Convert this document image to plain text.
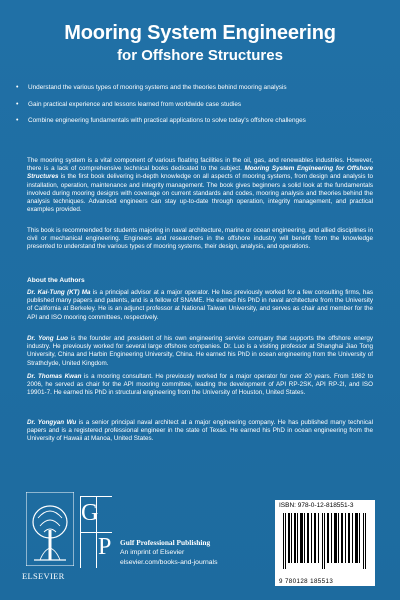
Mooring System Engineering
for Offshore Structures
• Understand the various types of mooring systems and the theories behind mooring analysis
• Gain practical experience and lessons learned from worldwide case studies
• Combine engineering fundamentals with practical applications to solve today's offshore challenges

The mooring system is a vital component of various floating facilities in the oil, gas, and renewables industries. However, there is a lack of comprehensive technical books dedicated to the subject. Mooring System Engineering for Offshore Structures is the first book delivering in-depth knowledge on all aspects of mooring systems, from design and analysis to installation, operation, maintenance and integrity management. The book gives beginners a solid look at the fundamentals involved during mooring designs with coverage on current standards and codes, mooring analysis and theories behind the analysis techniques. Advanced engineers can stay up-to-date through operation, integrity management, and practical examples provided.

This book is recommended for students majoring in naval architecture, marine or ocean engineering, and allied disciplines in civil or mechanical engineering. Engineers and researchers in the offshore industry will benefit from the knowledge presented to understand the various types of mooring systems, their design, analysis, and operations.

About the Authors

Dr. Kai-Tung (KT) Ma is a principal advisor at a major operator. He has previously worked for a few consulting firms, has published many papers and patents, and is a fellow of SNAME. He earned his PhD in naval architecture from the University of California at Berkeley. He is an adjunct professor at National Taiwan University, and serves as chair and member for the API and ISO mooring committees, respectively.

Dr. Yong Luo is the founder and president of his own engineering service company that supports the offshore energy industry. He previously worked for several large offshore companies. Dr. Luo is a visiting professor at Shanghai Jiao Tong University, China and Harbin Engineering University, China. He earned his PhD in ocean engineering from the University of Strathclyde, United Kingdom.

Dr. Thomas Kwan is a mooring consultant. He previously worked for a major operator for over 20 years. From 1982 to 2006, he served as chair for the API mooring committee, leading the development of API RP-2SK, API RP-2I, and ISO 19901-7. He earned his PhD in structural engineering from the University of Houston, United States.

Dr. Yongyan Wu is a senior principal naval architect at a major engineering company. He has published many technical papers and is a registered professional engineer in the state of Texas. He earned his PhD in ocean engineering from the University of Hawaii at Manoa, United States.

ELSEVIER
G
P Gulf Professional Publishing
An imprint of Elsevier
elsevier.com/books-and-journals
ISBN: 978-0-12-818551-3
9 780128 185513
